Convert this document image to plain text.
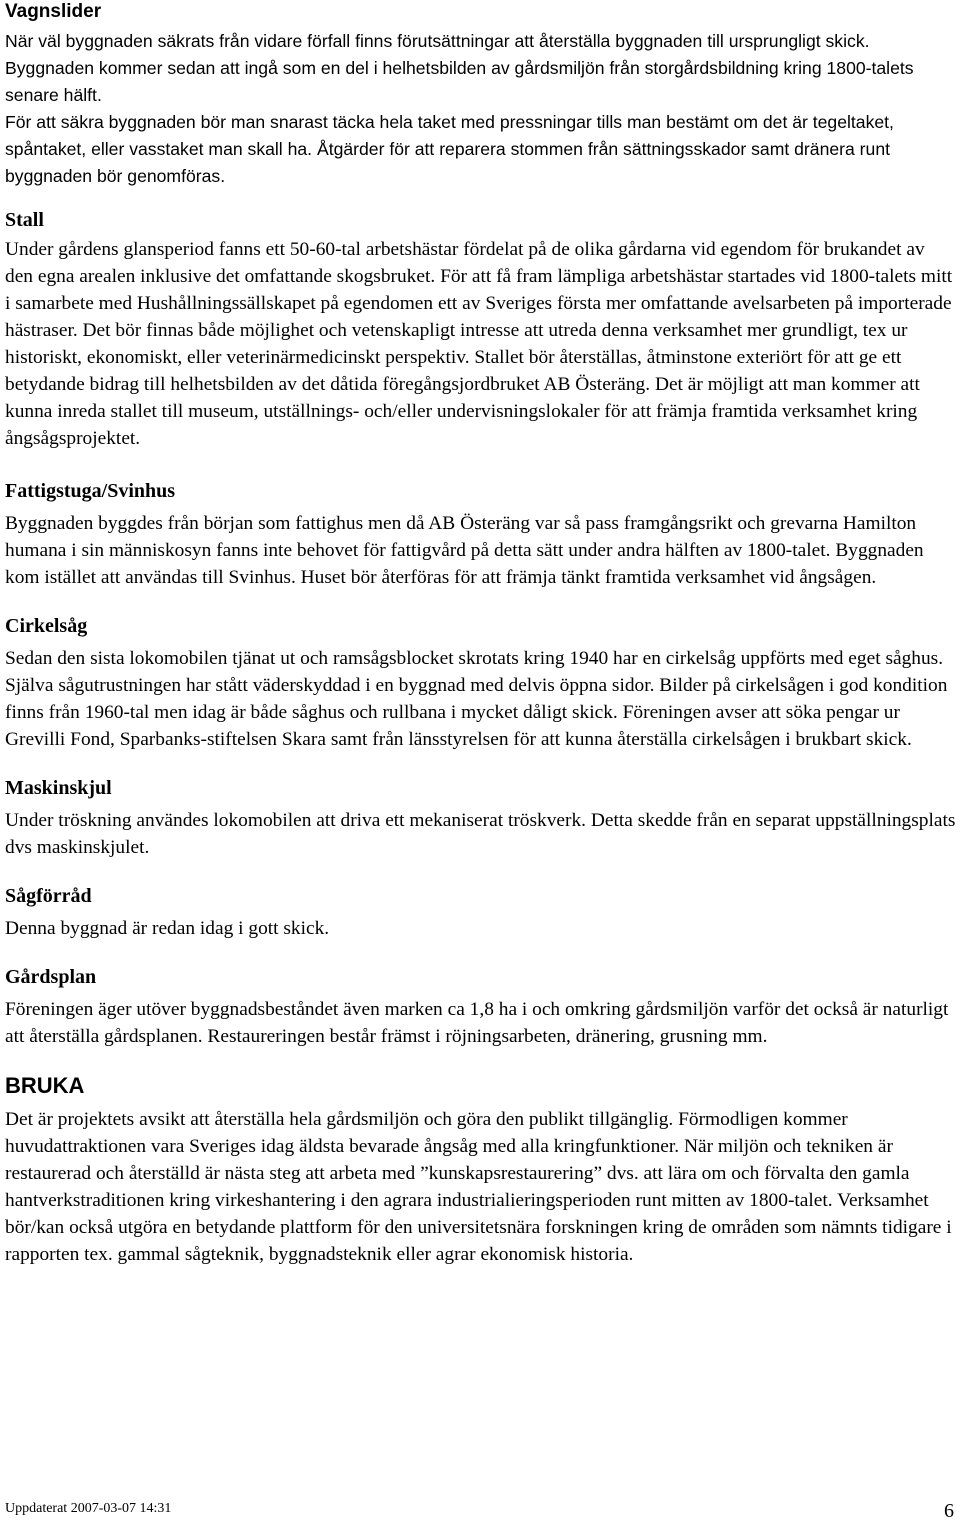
Vagnslider

När väl byggnaden säkrats från vidare förfall finns förutsättningar att återställa byggnaden till ursprungligt skick. Byggnaden kommer sedan att ingå som en del i helhetsbilden av gårdsmiljön från storgårdsbildning kring 1800-talets senare hälft.

För att säkra byggnaden bör man snarast täcka hela taket med pressningar tills man bestämt om det är tegeltaket, spåntaket, eller vasstaket man skall ha. Åtgärder för att reparera stommen från sättningsskador samt dränera runt byggnaden bör genomföras.

Stall

Under gårdens glansperiod fanns ett 50-60-tal arbetshästar fördelat på de olika gårdarna vid egendom för brukandet av den egna arealen inklusive det omfattande skogsbruket. För att få fram lämpliga arbetshästar startades vid 1800-talets mitt i samarbete med Hushållningssällskapet på egendomen ett av Sveriges första mer omfattande avelsarbeten på importerade hästraser. Det bör finnas både möjlighet och vetenskapligt intresse att utreda denna verksamhet mer grundligt, tex ur historiskt, ekonomiskt, eller veterinärmedicinskt perspektiv. Stallet bör återställas, åtminstone exteriört för att ge ett betydande bidrag till helhetsbilden av det dåtida föregångsjordbruket AB Österäng. Det är möjligt att man kommer att kunna inreda stallet till museum, utställnings- och/eller undervisningslokaler för att främja framtida verksamhet kring ångsågsprojektet.

Fattigstuga/Svinhus

Byggnaden byggdes från början som fattighus men då AB Österäng var så pass framgångsrikt och grevarna Hamilton humana i sin människosyn fanns inte behovet för fattigvård på detta sätt under andra hälften av 1800-talet. Byggnaden kom istället att användas till Svinhus. Huset bör återföras för att främja tänkt framtida verksamhet vid ångsågen.

Cirkelsåg

Sedan den sista lokomobilen tjänat ut och ramsågsblocket skrotats kring 1940 har en cirkelsåg uppförts med eget såghus. Själva sågutrustningen har stått väderskyddad i en byggnad med delvis öppna sidor. Bilder på cirkelsågen i god kondition finns från 1960-tal men idag är både såghus och rullbana i mycket dåligt skick. Föreningen avser att söka pengar ur Grevilli Fond, Sparbanks-stiftelsen Skara samt från länsstyrelsen för att kunna återställa cirkelsågen i brukbart skick.

Maskinskjul

Under tröskning användes lokomobilen att driva ett mekaniserat tröskverk. Detta skedde från en separat uppställningsplats dvs maskinskjulet.

Sågförråd

Denna byggnad är redan idag i gott skick.

Gårdsplan

Föreningen äger utöver byggnadsbeståndet även marken ca 1,8 ha i och omkring gårdsmiljön varför det också är naturligt att återställa gårdsplanen. Restaureringen består främst i röjningsarbeten, dränering, grusning mm.

BRUKA

Det är projektets avsikt att återställa hela gårdsmiljön och göra den publikt tillgänglig. Förmodligen kommer huvudattraktionen vara Sveriges idag äldsta bevarade ångsåg med alla kringfunktioner. När miljön och tekniken är restaurerad och återställd är nästa steg att arbeta med ”kunskapsrestaurering” dvs. att lära om och förvalta den gamla hantverkstraditionen kring virkeshantering i den agrara industrialieringsperioden runt mitten av 1800-talet. Verksamhet bör/kan också utgöra en betydande plattform för den universitetsnära forskningen kring de områden som nämnts tidigare i rapporten tex. gammal sågteknik, byggnadsteknik eller agrar ekonomisk historia.

Uppdaterat 2007-03-07 14:31	6
